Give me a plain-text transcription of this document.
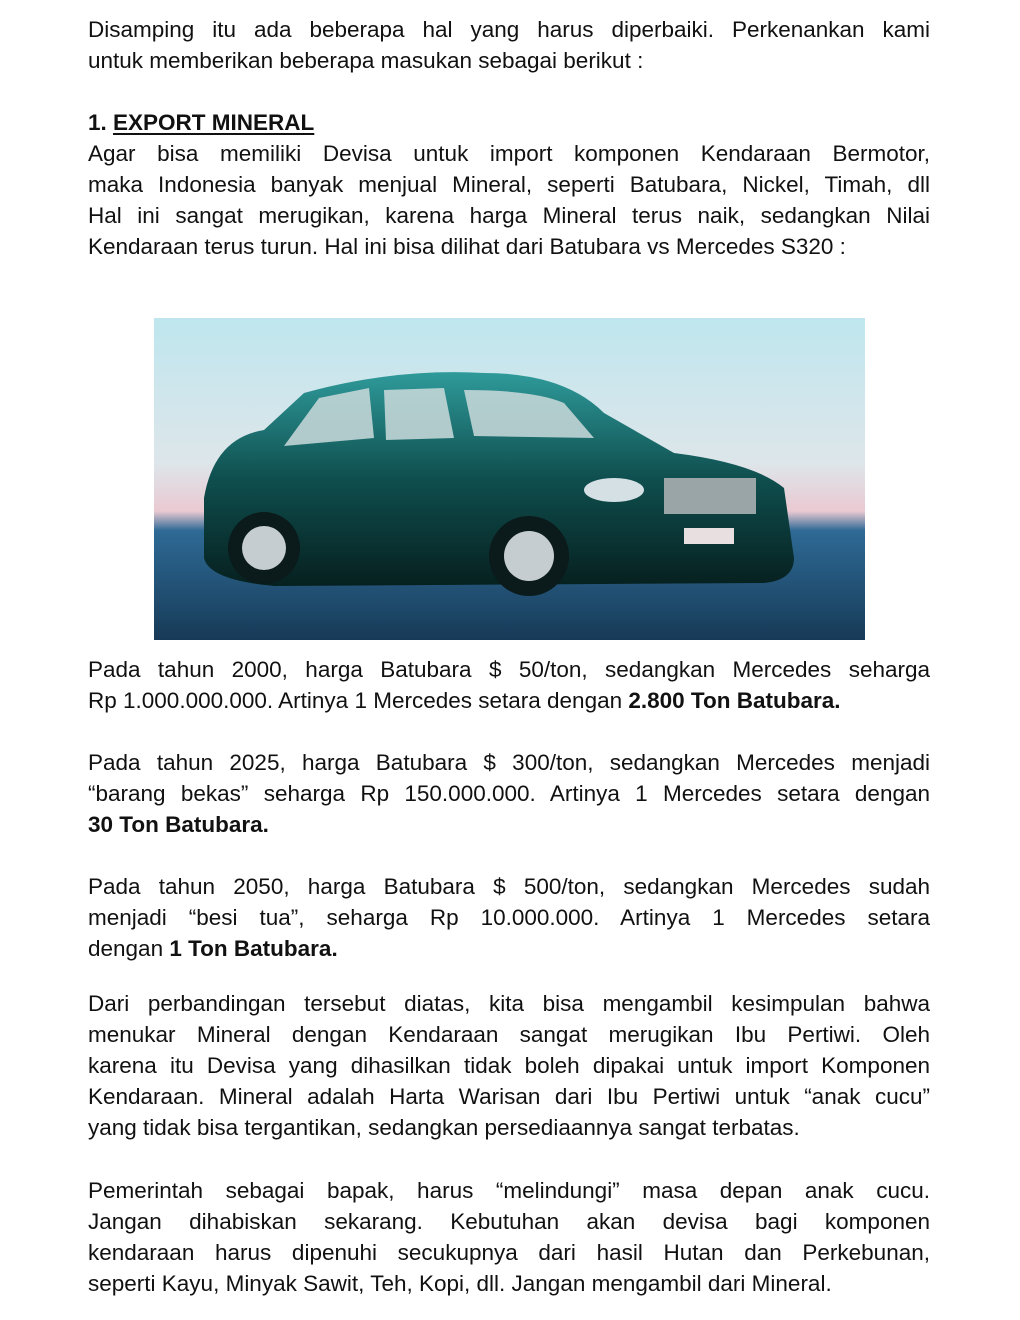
Disamping itu ada beberapa hal yang harus diperbaiki. Perkenankan kami
untuk memberikan beberapa masukan sebagai berikut :
1. EXPORT MINERAL
Agar bisa memiliki Devisa untuk import komponen Kendaraan Bermotor,
maka Indonesia banyak menjual Mineral, seperti Batubara, Nickel, Timah, dll
Hal ini sangat merugikan, karena harga Mineral terus naik, sedangkan Nilai
Kendaraan terus turun. Hal ini bisa dilihat dari Batubara vs Mercedes S320 :
Pada tahun 2000, harga Batubara $ 50/ton, sedangkan Mercedes seharga
Rp 1.000.000.000. Artinya 1 Mercedes setara dengan 2.800 Ton Batubara.
Pada tahun 2025, harga Batubara $ 300/ton, sedangkan Mercedes menjadi
“barang bekas” seharga Rp 150.000.000. Artinya 1 Mercedes setara dengan
30 Ton Batubara.
Pada tahun 2050, harga Batubara $ 500/ton, sedangkan Mercedes sudah
menjadi “besi tua”, seharga Rp 10.000.000. Artinya 1 Mercedes setara
dengan 1 Ton Batubara.
Dari perbandingan tersebut diatas, kita bisa mengambil kesimpulan bahwa
menukar Mineral dengan Kendaraan sangat merugikan Ibu Pertiwi. Oleh
karena itu Devisa yang dihasilkan tidak boleh dipakai untuk import Komponen
Kendaraan. Mineral adalah Harta Warisan dari Ibu Pertiwi untuk “anak cucu”
yang tidak bisa tergantikan, sedangkan persediaannya sangat terbatas.
Pemerintah sebagai bapak, harus “melindungi” masa depan anak cucu.
Jangan dihabiskan sekarang. Kebutuhan akan devisa bagi komponen
kendaraan harus dipenuhi secukupnya dari hasil Hutan dan Perkebunan,
seperti Kayu, Minyak Sawit, Teh, Kopi, dll. Jangan mengambil dari Mineral.
